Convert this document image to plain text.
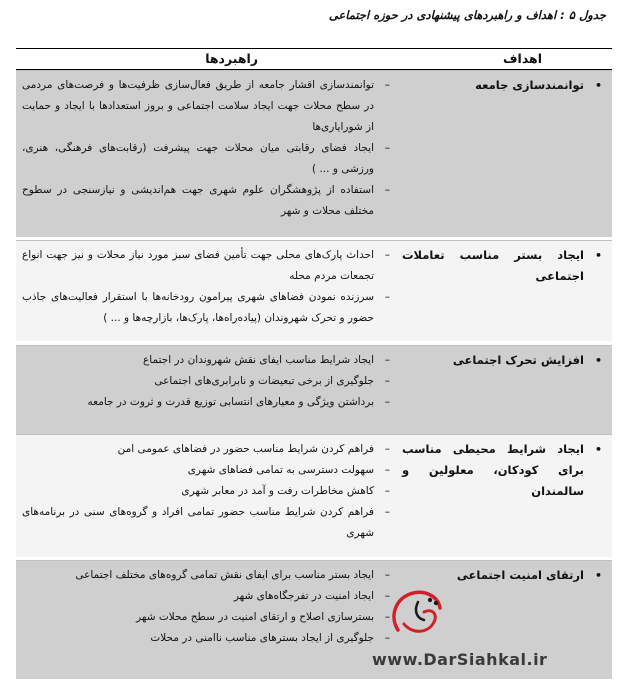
جدول ۵ : اهداف و راهبردهای پیشنهادی در حوزه اجتماعی
اهداف
راهبردها
•
توانمندسازی جامعه
–
توانمندسازی اقشار جامعه از طریق فعال‌سازی ظرفیت‌ها و فرصت‌های مردمی در سطح محلات جهت ایجاد سلامت اجتماعی و بروز استعدادها با ایجاد و حمایت از شورایاری‌ها
–
ایجاد فضای رقابتی میان محلات جهت پیشرفت (رقابت‌های فرهنگی، هنری، ورزشی و ... )
–
استفاده از پژوهشگران علوم شهری جهت هم‌اندیشی و نیازسنجی در سطوح مختلف محلات و شهر
•
ایجاد بستر مناسب تعاملات اجتماعی
–
احداث پارک‌های محلی جهت تأمین فضای سبز مورد نیاز محلات و نیز جهت انواع تجمعات مردم محله
–
سرزنده نمودن فضاهای شهری پیرامون رودخانه‌ها با استقرار فعالیت‌های جاذب حضور و تحرک شهروندان (پیاده‌راه‌ها، پارک‌ها، بازارچه‌ها و ... )
•
افزایش تحرک اجتماعی
–
ایجاد شرایط مناسب ایفای نقش شهروندان در اجتماع
–
جلوگیری از برخی تبعیضات و نابرابری‌های اجتماعی
–
برداشتن ویژگی و معیارهای انتسابی توزیع قدرت و ثروت در جامعه
•
ایجاد شرایط محیطی مناسب برای کودکان، معلولین و سالمندان
–
فراهم کردن شرایط مناسب حضور در فضاهای عمومی امن
–
سهولت دسترسی به تمامی فضاهای شهری
–
کاهش مخاطرات رفت و آمد در معابر شهری
–
فراهم کردن شرایط مناسب حضور تمامی افراد و گروه‌های سنی در برنامه‌های شهری
•
ارتقای امنیت اجتماعی
–
ایجاد بستر مناسب برای ایفای نقش تمامی گروه‌های مختلف اجتماعی
–
ایجاد امنیت در تفرجگاه‌های شهر
–
بسترسازی اصلاح و ارتقای امنیت در سطح محلات شهر
–
جلوگیری از ایجاد بسترهای مناسب ناامنی در محلات
www.DarSiahkal.ir
